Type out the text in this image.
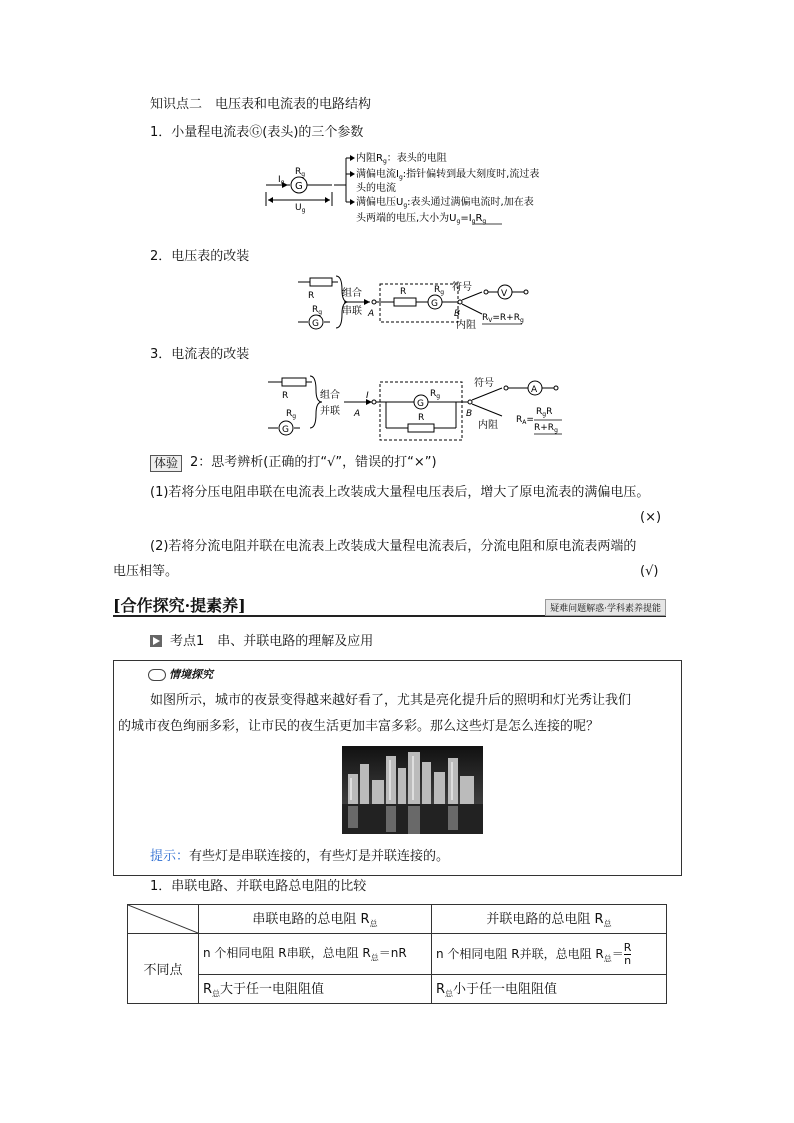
知识点二　电压表和电流表的电路结构
1．小量程电流表Ⓖ(表头)的三个参数
$I_g$ G
$R_g$
$U_g$
内阻$R_g$：表头的电阻
满偏电流$I_g$:指针偏转到最大刻度时,流过表
头的电流
满偏电压$U_g$:表头通过满偏电流时,加在表
头两端的电压,大小为$U_g=I_gR_g$
2．电压表的改装
R
G
$R_g$
组合
串联 A
R
G
$R_g$
B
符号
V
内阻
$R_V=R+R_g$
3．电流表的改装
R
$R_g$
G
组合
并联
I
A
G
$R_g$
R	B
符号
A
内阻 $R_A=$
$R_gR$
$R+R_g$
体验 2：思考辨析(正确的打“√”，错误的打“×”)
(1)若将分压电阻串联在电流表上改装成大量程电压表后，增大了原电流表的满偏电压。
(×)
(2)若将分流电阻并联在电流表上改装成大量程电流表后，分流电阻和原电流表两端的
电压相等。	(√)
[合作探究·提素养]	疑难问题解惑·学科素养提能
考点1　串、并联电路的理解及应用
情境探究
如图所示，城市的夜景变得越来越好看了，尤其是亮化提升后的照明和灯光秀让我们
的城市夜色绚丽多彩，让市民的夜生活更加丰富多彩。那么这些灯是怎么连接的呢？
提示：有些灯是串联连接的，有些灯是并联连接的。
1．串联电路、并联电路总电阻的比较
	串联电路的总电阻 $R_总$	并联电路的总电阻 $R_总$
不同点	n 个相同电阻 R串联，总电阻 $R_总=nR$	n 个相同电阻 R并联，总电阻 $R_总= \frac{R}{n}$

	$R_总$大于任一电阻阻值	$R_总$小于任一电阻阻值
